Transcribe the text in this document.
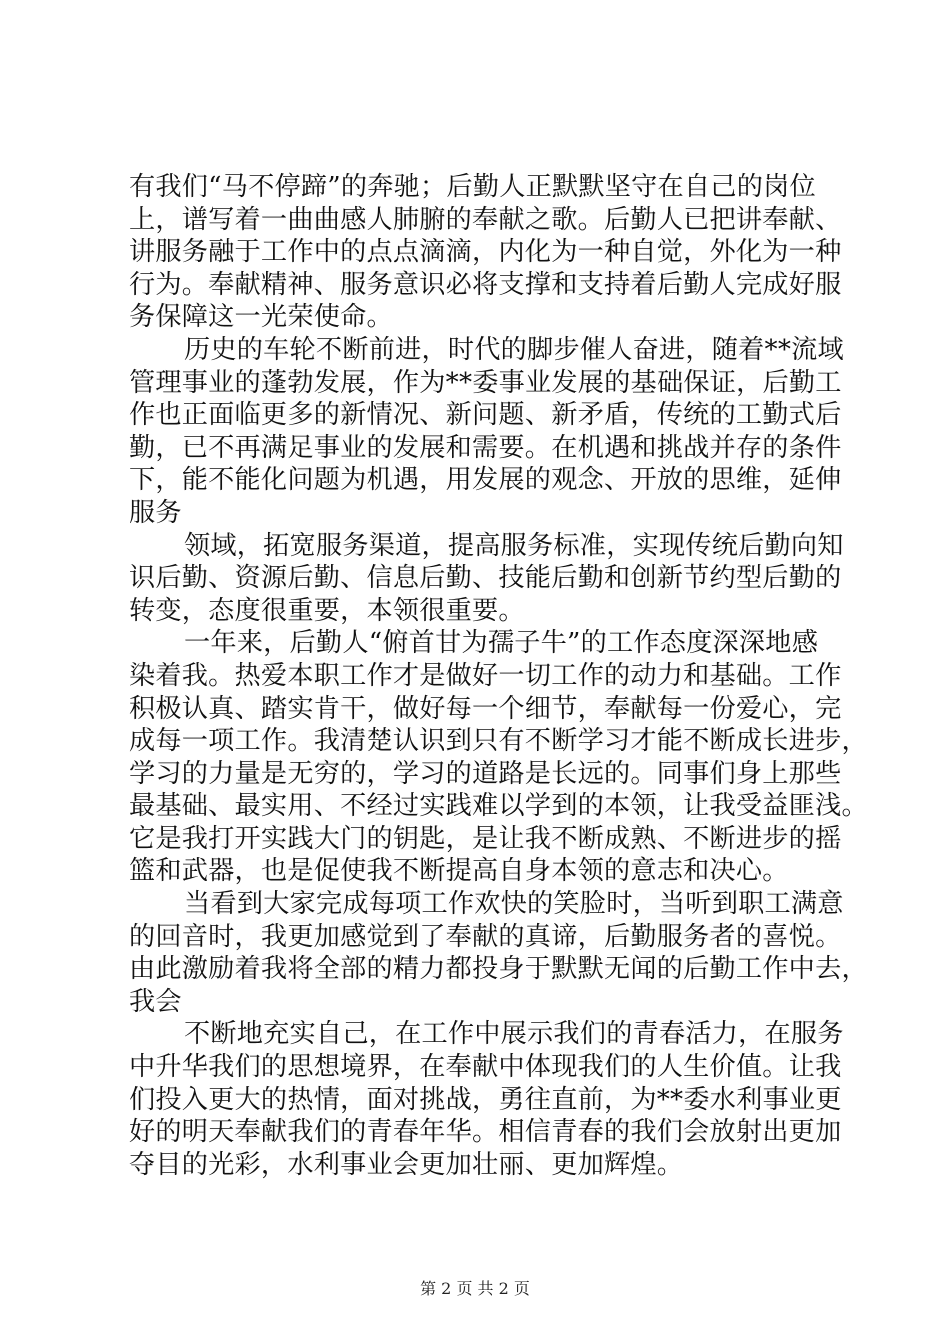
有我们“马不停蹄”的奔驰；后勤人正默默坚守在自己的岗位
上，谱写着一曲曲感人肺腑的奉献之歌。后勤人已把讲奉献、
讲服务融于工作中的点点滴滴，内化为一种自觉，外化为一种
行为。奉献精神、服务意识必将支撑和支持着后勤人完成好服
务保障这一光荣使命。
历史的车轮不断前进，时代的脚步催人奋进，随着**流域
管理事业的蓬勃发展，作为**委事业发展的基础保证，后勤工
作也正面临更多的新情况、新问题、新矛盾，传统的工勤式后
勤，已不再满足事业的发展和需要。在机遇和挑战并存的条件
下，能不能化问题为机遇，用发展的观念、开放的思维，延伸
服务
领域，拓宽服务渠道，提高服务标准，实现传统后勤向知
识后勤、资源后勤、信息后勤、技能后勤和创新节约型后勤的
转变，态度很重要，本领很重要。
一年来，后勤人“俯首甘为孺子牛”的工作态度深深地感
染着我。热爱本职工作才是做好一切工作的动力和基础。工作
积极认真、踏实肯干，做好每一个细节，奉献每一份爱心，完
成每一项工作。我清楚认识到只有不断学习才能不断成长进步，
学习的力量是无穷的，学习的道路是长远的。同事们身上那些
最基础、最实用、不经过实践难以学到的本领，让我受益匪浅。
它是我打开实践大门的钥匙，是让我不断成熟、不断进步的摇
篮和武器，也是促使我不断提高自身本领的意志和决心。
当看到大家完成每项工作欢快的笑脸时，当听到职工满意
的回音时，我更加感觉到了奉献的真谛，后勤服务者的喜悦。
由此激励着我将全部的精力都投身于默默无闻的后勤工作中去，
我会
不断地充实自己，在工作中展示我们的青春活力，在服务
中升华我们的思想境界，在奉献中体现我们的人生价值。让我
们投入更大的热情，面对挑战，勇往直前，为**委水利事业更
好的明天奉献我们的青春年华。相信青春的我们会放射出更加
夺目的光彩，水利事业会更加壮丽、更加辉煌。
第 2 页 共 2 页
